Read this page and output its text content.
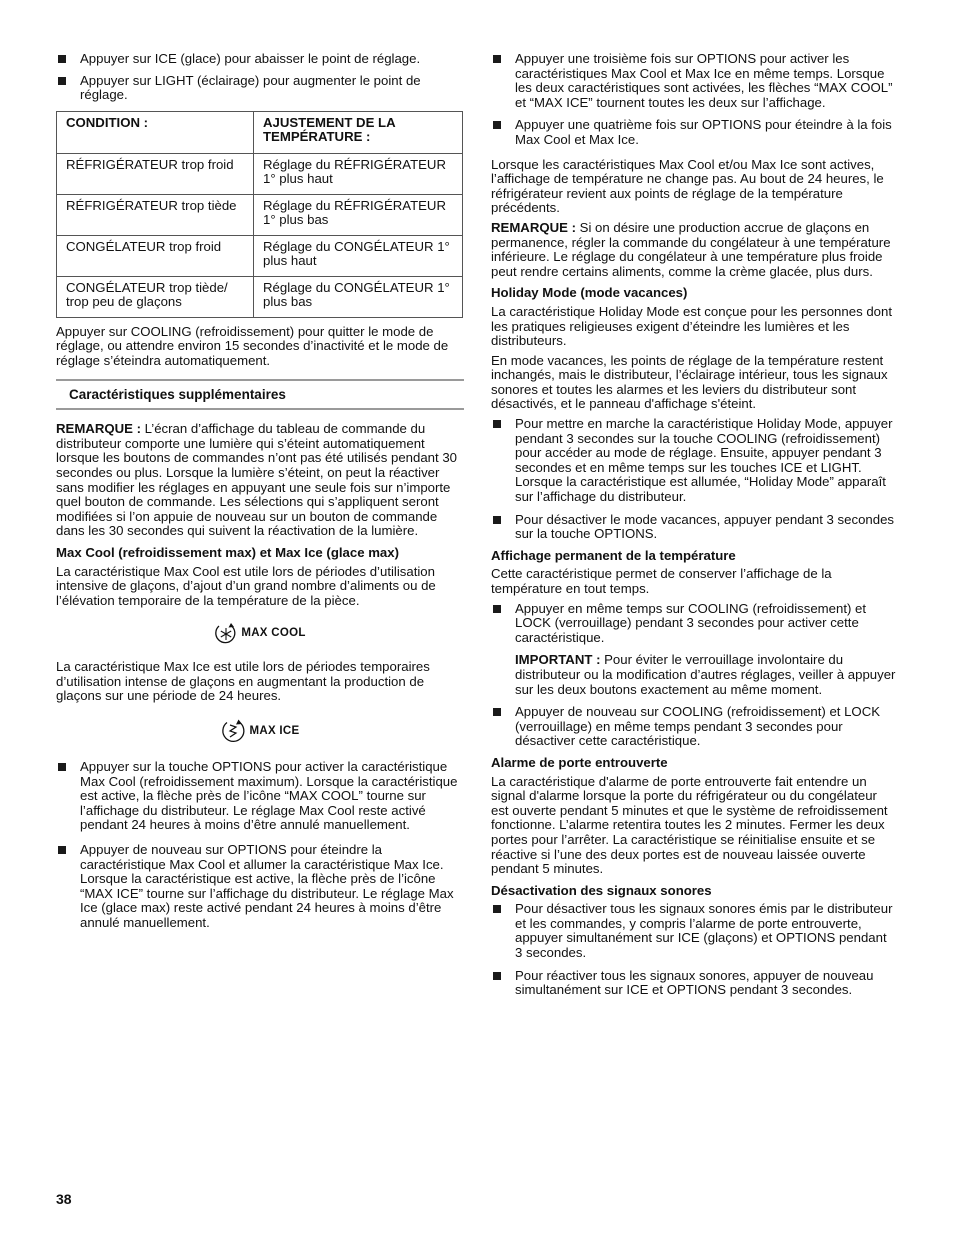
Appuyer sur ICE (glace) pour abaisser le point de réglage.
Appuyer sur LIGHT (éclairage) pour augmenter le point de réglage.
CONDITION :	AJUSTEMENT DE LA TEMPÉRATURE :
RÉFRIGÉRATEUR trop froid	Réglage du RÉFRIGÉRATEUR 1° plus haut
RÉFRIGÉRATEUR trop tiède	Réglage du RÉFRIGÉRATEUR 1° plus bas
CONGÉLATEUR trop froid	Réglage du CONGÉLATEUR 1° plus haut
CONGÉLATEUR trop tiède/ trop peu de glaçons	Réglage du CONGÉLATEUR 1° plus bas

Appuyer sur COOLING (refroidissement) pour quitter le mode de réglage, ou attendre environ 15 secondes d’inactivité et le mode de réglage s’éteindra automatiquement.

Caractéristiques supplémentaires

REMARQUE : L’écran d’affichage du tableau de commande du distributeur comporte une lumière qui s’éteint automatiquement lorsque les boutons de commandes n’ont pas été utilisés pendant 30 secondes ou plus. Lorsque la lumière s’éteint, on peut la réactiver sans modifier les réglages en appuyant une seule fois sur n’importe quel bouton de commande. Les sélections qui s’appliquent seront modifiées si l’on appuie de nouveau sur un bouton de commande dans les 30 secondes qui suivent la réactivation de la lumière.

Max Cool (refroidissement max) et Max Ice (glace max)

La caractéristique Max Cool est utile lors de périodes d’utilisation intensive de glaçons, d’ajout d’un grand nombre d’aliments ou de l’élévation temporaire de la température de la pièce.

MAX COOL

La caractéristique Max Ice est utile lors de périodes temporaires d’utilisation intense de glaçons en augmentant la production de glaçons sur une période de 24 heures.

MAX ICE
Appuyer sur la touche OPTIONS pour activer la caractéristique Max Cool (refroidissement maximum). Lorsque la caractéristique est active, la flèche près de l’icône “MAX COOL” tourne sur l’affichage du distributeur. Le réglage Max Cool reste activé pendant 24 heures à moins d’être annulé manuellement.
Appuyer de nouveau sur OPTIONS pour éteindre la caractéristique Max Cool et allumer la caractéristique Max Ice. Lorsque la caractéristique est active, la flèche près de l’icône “MAX ICE” tourne sur l’affichage du distributeur. Le réglage Max Ice (glace max) reste activé pendant 24 heures à moins d’être annulé manuellement.
Appuyer une troisième fois sur OPTIONS pour activer les caractéristiques Max Cool et Max Ice en même temps. Lorsque les deux caractéristiques sont activées, les flèches “MAX COOL” et “MAX ICE” tournent toutes les deux sur l’affichage.
Appuyer une quatrième fois sur OPTIONS pour éteindre à la fois Max Cool et Max Ice.

Lorsque les caractéristiques Max Cool et/ou Max Ice sont actives, l’affichage de température ne change pas. Au bout de 24 heures, le réfrigérateur revient aux points de réglage de la température précédents.

REMARQUE : Si on désire une production accrue de glaçons en permanence, régler la commande du congélateur à une température inférieure. Le réglage du congélateur à une température plus froide peut rendre certains aliments, comme la crème glacée, plus durs.

Holiday Mode (mode vacances)

La caractéristique Holiday Mode est conçue pour les personnes dont les pratiques religieuses exigent d’éteindre les lumières et les distributeurs.

En mode vacances, les points de réglage de la température restent inchangés, mais le distributeur, l’éclairage intérieur, tous les signaux sonores et toutes les alarmes et les leviers du distributeur sont désactivés, et le panneau d'affichage s'éteint.

Pour mettre en marche la caractéristique Holiday Mode, appuyer pendant 3 secondes sur la touche COOLING (refroidissement) pour accéder au mode de réglage. Ensuite, appuyer pendant 3 secondes et en même temps sur les touches ICE et LIGHT. Lorsque la caractéristique est allumée, “Holiday Mode” apparaît sur l’affichage du distributeur.
Pour désactiver le mode vacances, appuyer pendant 3 secondes sur la touche OPTIONS.
Affichage permanent de la température

Cette caractéristique permet de conserver l’affichage de la température en tout temps.

Appuyer en même temps sur COOLING (refroidissement) et LOCK (verrouillage) pendant 3 secondes pour activer cette caractéristique.
IMPORTANT : Pour éviter le verrouillage involontaire du distributeur ou la modification d’autres réglages, veiller à appuyer sur les deux boutons exactement au même moment.
Appuyer de nouveau sur COOLING (refroidissement) et LOCK (verrouillage) en même temps pendant 3 secondes pour désactiver cette caractéristique.
Alarme de porte entrouverte

La caractéristique d'alarme de porte entrouverte fait entendre un signal d'alarme lorsque la porte du réfrigérateur ou du congélateur est ouverte pendant 5 minutes et que le système de refroidissement fonctionne. L’alarme retentira toutes les 2 minutes. Fermer les deux portes pour l’arrêter. La caractéristique se réinitialise ensuite et se réactive si l’une des deux portes est de nouveau laissée ouverte pendant 5 minutes.

Désactivation des signaux sonores
Pour désactiver tous les signaux sonores émis par le distributeur et les commandes, y compris l’alarme de porte entrouverte, appuyer simultanément sur ICE (glaçons) et OPTIONS pendant 3 secondes.
Pour réactiver tous les signaux sonores, appuyer de nouveau simultanément sur ICE et OPTIONS pendant 3 secondes.
38
